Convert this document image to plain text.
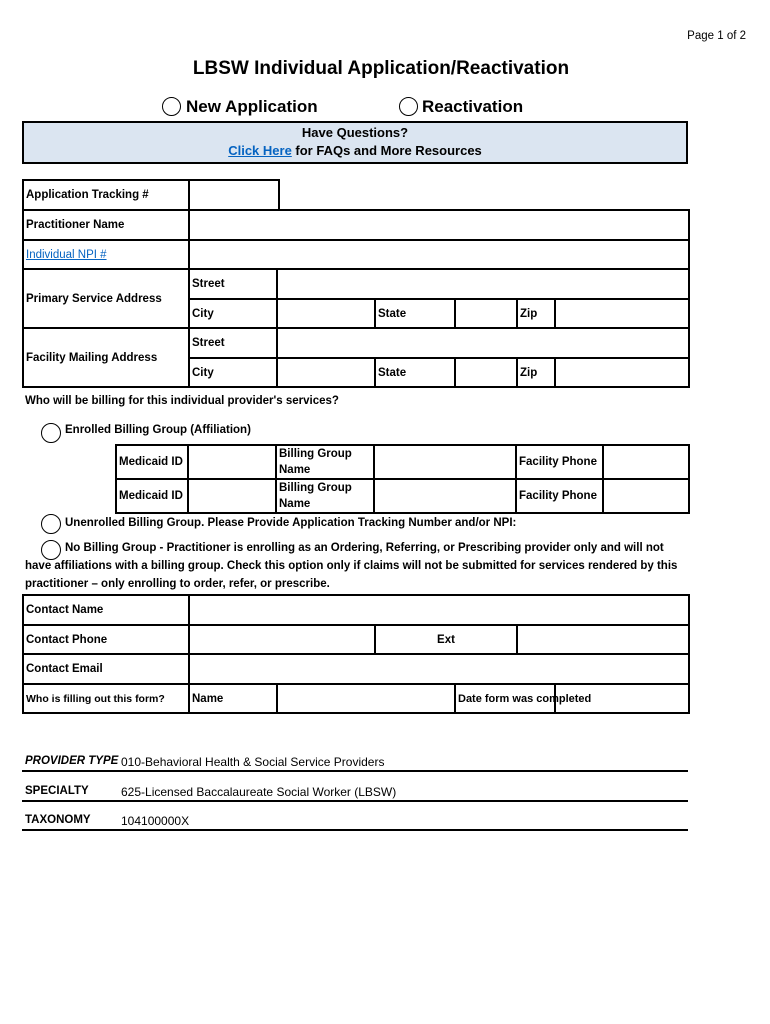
Page 1 of 2
LBSW Individual Application/Reactivation
New Application	Reactivation
Have Questions?
Click Here for FAQs and More Resources
Application Tracking #	
Practitioner Name						
Individual NPI #						
Primary Service Address	Street					
	City		State		Zip	
Facility Mailing Address	Street					
	City		State		Zip	
Who will be billing for this individual provider's services?
Enrolled Billing Group (Affiliation)
Medicaid ID		Billing Group Name		Facility Phone	
Medicaid ID		Billing Group Name		Facility Phone	
Unenrolled Billing Group. Please Provide Application Tracking Number and/or NPI:
No Billing Group - Practitioner is enrolling as an Ordering, Referring, or Prescribing provider only and will not
have affiliations with a billing group. Check this option only if claims will not be submitted for services rendered by this
practitioner – only enrolling to order, refer, or prescribe.
Contact Name						
Contact Phone			Ext			
Contact Email						
Who is filling out this form?	Name			Date form was completed		
PROVIDER TYPE 010-Behavioral Health & Social Service Providers
SPECIALTY	625-Licensed Baccalaureate Social Worker (LBSW)
TAXONOMY	104100000X
